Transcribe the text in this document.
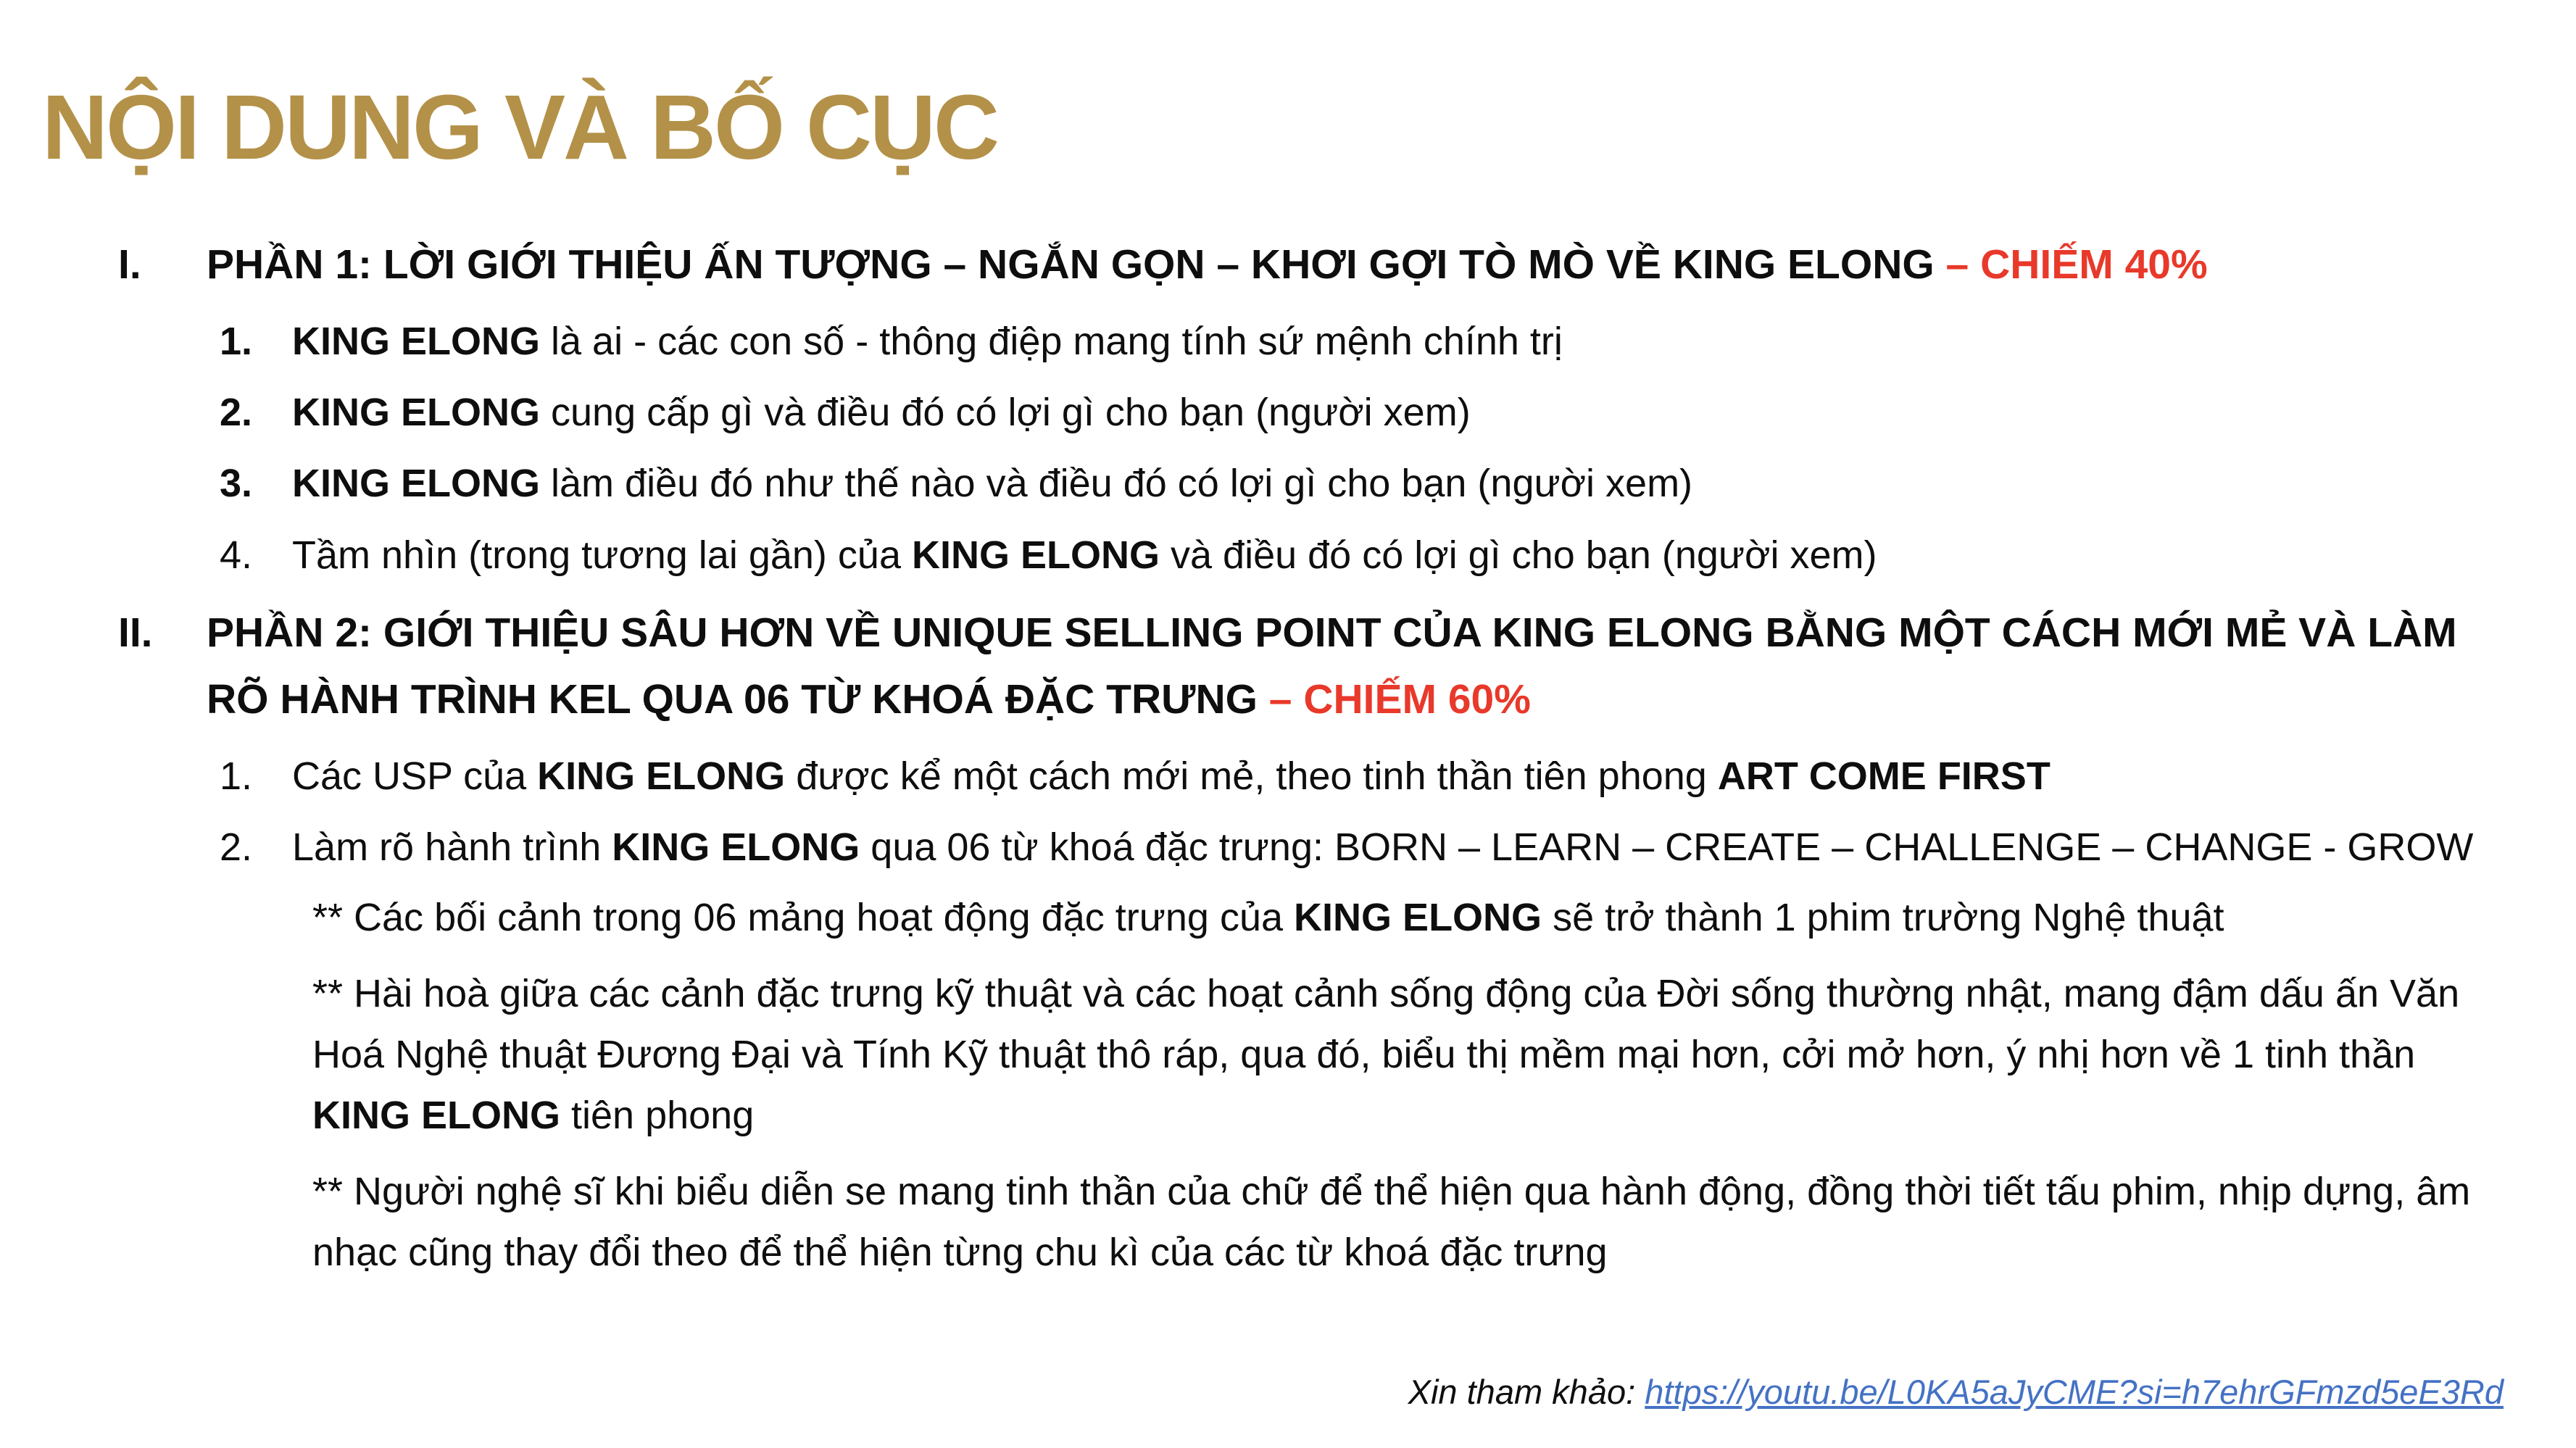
NỘI DUNG VÀ BỐ CỤC
I.	PHẦN 1: LỜI GIỚI THIỆU ẤN TƯỢNG – NGẮN GỌN – KHƠI GỢI TÒ MÒ VỀ KING ELONG – CHIẾM 40%
1.	KING ELONG là ai - các con số - thông điệp mang tính sứ mệnh chính trị

2.	KING ELONG cung cấp gì và điều đó có lợi gì cho bạn (người xem)

3.	KING ELONG làm điều đó như thế nào và điều đó có lợi gì cho bạn (người xem)

4.	Tầm nhìn (trong tương lai gần) của KING ELONG và điều đó có lợi gì cho bạn (người xem)

II.	PHẦN 2: GIỚI THIỆU SÂU HƠN VỀ UNIQUE SELLING POINT CỦA KING ELONG BẰNG MỘT CÁCH MỚI MẺ VÀ LÀM RÕ HÀNH TRÌNH KEL QUA 06 TỪ KHOÁ ĐẶC TRƯNG – CHIẾM 60%
1.	Các USP của KING ELONG được kể một cách mới mẻ, theo tinh thần tiên phong ART COME FIRST

2.	Làm rõ hành trình KING ELONG qua 06 từ khoá đặc trưng: BORN – LEARN – CREATE – CHALLENGE – CHANGE - GROW

** Các bối cảnh trong 06 mảng hoạt động đặc trưng của KING ELONG sẽ trở thành 1 phim trường Nghệ thuật

** Hài hoà giữa các cảnh đặc trưng kỹ thuật và các hoạt cảnh sống động của Đời sống thường nhật, mang đậm dấu ấn Văn Hoá Nghệ thuật Đương Đại và Tính Kỹ thuật thô ráp, qua đó, biểu thị mềm mại hơn, cởi mở hơn, ý nhị hơn về 1 tinh thần KING ELONG tiên phong

** Người nghệ sĩ khi biểu diễn se mang tinh thần của chữ để thể hiện qua hành động, đồng thời tiết tấu phim, nhịp dựng, âm nhạc cũng thay đổi theo để thể hiện từng chu kì của các từ khoá đặc trưng

Xin tham khảo: https://youtu.be/L0KA5aJyCME?si=h7ehrGFmzd5eE3Rd
